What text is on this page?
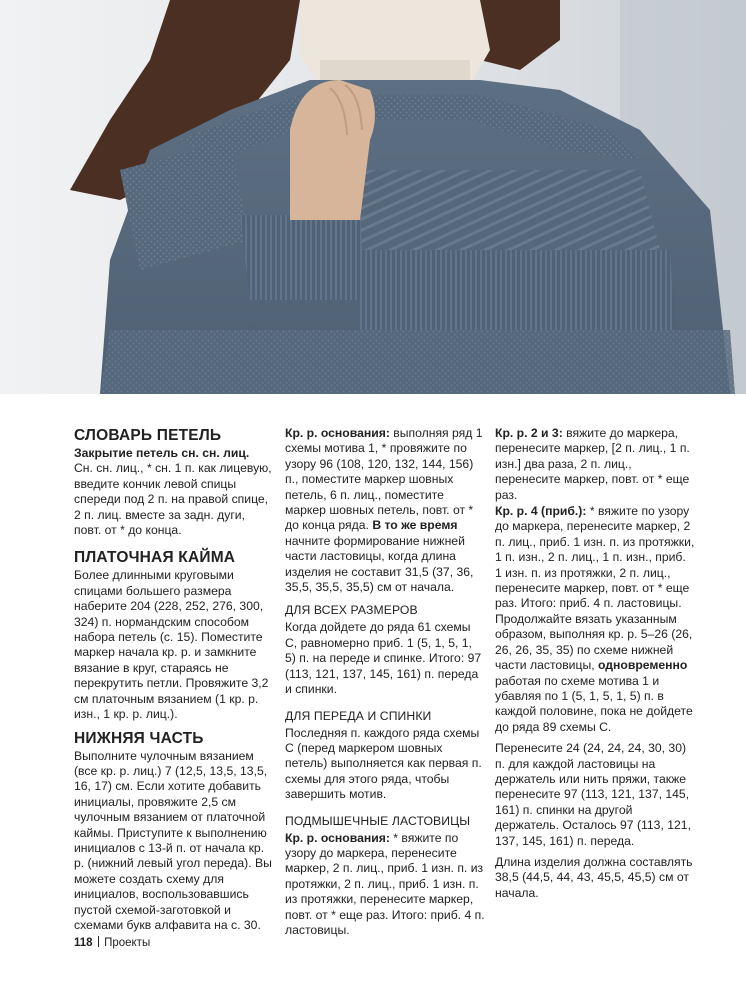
СЛОВАРЬ ПЕТЕЛЬ

Закрытие петель сн. сн. лиц.

Сн. сн. лиц., * сн. 1 п. как лицевую, введите кончик левой спицы спереди под 2 п. на правой спице, 2 п. лиц. вместе за задн. дуги, повт. от * до конца.

ПЛАТОЧНАЯ КАЙМА

Более длинными круговыми спицами большего размера наберите 204 (228, 252, 276, 300, 324) п. нормандским способом набора петель (с. 15). Поместите маркер начала кр. р. и замкните вязание в круг, стараясь не перекрутить петли. Провяжите 3,2 см платочным вязанием (1 кр. р. изн., 1 кр. р. лиц.).

НИЖНЯЯ ЧАСТЬ

Выполните чулочным вязанием (все кр. р. лиц.) 7 (12,5, 13,5, 13,5, 16, 17) см. Если хотите добавить инициалы, провяжите 2,5 см чулочным вязанием от платочной каймы. Приступите к выполнению инициалов с 13-й п. от начала кр. р. (нижний левый угол переда). Вы можете создать схему для инициалов, воспользовавшись пустой схемой-заготовкой и схемами букв алфавита на с. 30.

Кр. р. основания: выполняя ряд 1 схемы мотива 1, * провяжите по узору 96 (108, 120, 132, 144, 156) п., поместите маркер шовных петель, 6 п. лиц., поместите маркер шовных петель, повт. от * до конца ряда. В то же время начните формирование нижней части ластовицы, когда длина изделия не составит 31,5 (37, 36, 35,5, 35,5, 35,5) см от начала.

ДЛЯ ВСЕХ РАЗМЕРОВ

Когда дойдете до ряда 61 схемы С, равномерно приб. 1 (5, 1, 5, 1, 5) п. на переде и спинке. Итого: 97 (113, 121, 137, 145, 161) п. переда и спинки.

ДЛЯ ПЕРЕДА И СПИНКИ

Последняя п. каждого ряда схемы С (перед маркером шовных петель) выполняется как первая п. схемы для этого ряда, чтобы завершить мотив.

ПОДМЫШЕЧНЫЕ ЛАСТОВИЦЫ

Кр. р. основания: * вяжите по узору до маркера, перенесите маркер, 2 п. лиц., приб. 1 изн. п. из протяжки, 2 п. лиц., приб. 1 изн. п. из протяжки, перенесите маркер, повт. от * еще раз. Итого: приб. 4 п. ластовицы.

Кр. р. 2 и 3: вяжите до маркера, перенесите маркер, [2 п. лиц., 1 п. изн.] два раза, 2 п. лиц., перенесите маркер, повт. от * еще раз.

Кр. р. 4 (приб.): * вяжите по узору до маркера, перенесите маркер, 2 п. лиц., приб. 1 изн. п. из протяжки, 1 п. изн., 2 п. лиц., 1 п. изн., приб. 1 изн. п. из протяжки, 2 п. лиц., перенесите маркер, повт. от * еще раз. Итого: приб. 4 п. ластовицы.

Продолжайте вязать указанным образом, выполняя кр. р. 5–26 (26, 26, 26, 35, 35) по схеме нижней части ластовицы, одновременно работая по схеме мотива 1 и убавляя по 1 (5, 1, 5, 1, 5) п. в каждой половине, пока не дойдете до ряда 89 схемы С.

Перенесите 24 (24, 24, 24, 30, 30) п. для каждой ластовицы на держатель или нить пряжи, также перенесите 97 (113, 121, 137, 145, 161) п. спинки на другой держатель. Осталось 97 (113, 121, 137, 145, 161) п. переда.

Длина изделия должна составлять 38,5 (44,5, 44, 43, 45,5, 45,5) см от начала.

118 Проекты
